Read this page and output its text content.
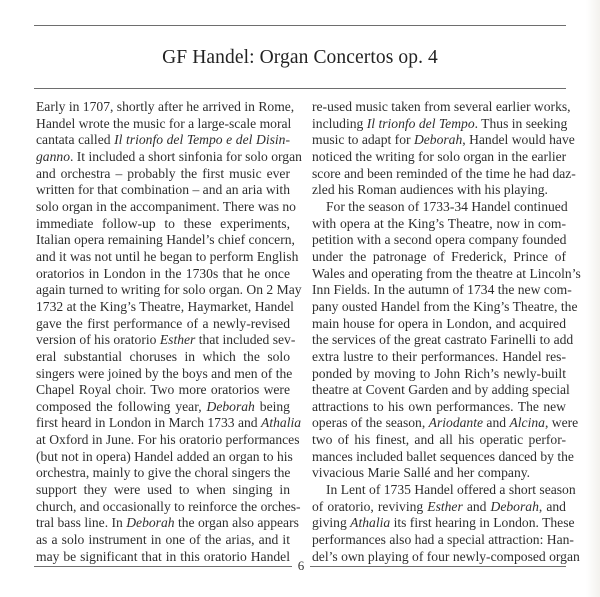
GF Handel: Organ Concertos op. 4
Early in 1707, shortly after he arrived in Rome,
Handel wrote the music for a large-scale moral
cantata called Il trionfo del Tempo e del Disin-
ganno. It included a short sinfonia for solo organ
and orchestra – probably the first music ever
written for that combination – and an aria with
solo organ in the accompaniment. There was no
immediate follow-up to these experiments,
Italian opera remaining Handel’s chief concern,
and it was not until he began to perform English
oratorios in London in the 1730s that he once
again turned to writing for solo organ. On 2 May
1732 at the King’s Theatre, Haymarket, Handel
gave the first performance of a newly-revised
version of his oratorio Esther that included sev-
eral substantial choruses in which the solo
singers were joined by the boys and men of the
Chapel Royal choir. Two more oratorios were
composed the following year, Deborah being
first heard in London in March 1733 and Athalia
at Oxford in June. For his oratorio performances
(but not in opera) Handel added an organ to his
orchestra, mainly to give the choral singers the
support they were used to when singing in
church, and occasionally to reinforce the orches-
tral bass line. In Deborah the organ also appears
as a solo instrument in one of the arias, and it
may be significant that in this oratorio Handel
re-used music taken from several earlier works,
including Il trionfo del Tempo. Thus in seeking
music to adapt for Deborah, Handel would have
noticed the writing for solo organ in the earlier
score and been reminded of the time he had daz-
zled his Roman audiences with his playing.
For the season of 1733-34 Handel continued
with opera at the King’s Theatre, now in com-
petition with a second opera company founded
under the patronage of Frederick, Prince of
Wales and operating from the theatre at Lincoln’s
Inn Fields. In the autumn of 1734 the new com-
pany ousted Handel from the King’s Theatre, the
main house for opera in London, and acquired
the services of the great castrato Farinelli to add
extra lustre to their performances. Handel res-
ponded by moving to John Rich’s newly-built
theatre at Covent Garden and by adding special
attractions to his own performances. The new
operas of the season, Ariodante and Alcina, were
two of his finest, and all his operatic perfor-
mances included ballet sequences danced by the
vivacious Marie Sallé and her company.
In Lent of 1735 Handel offered a short season
of oratorio, reviving Esther and Deborah, and
giving Athalia its first hearing in London. These
performances also had a special attraction: Han-
del’s own playing of four newly-composed organ
6
